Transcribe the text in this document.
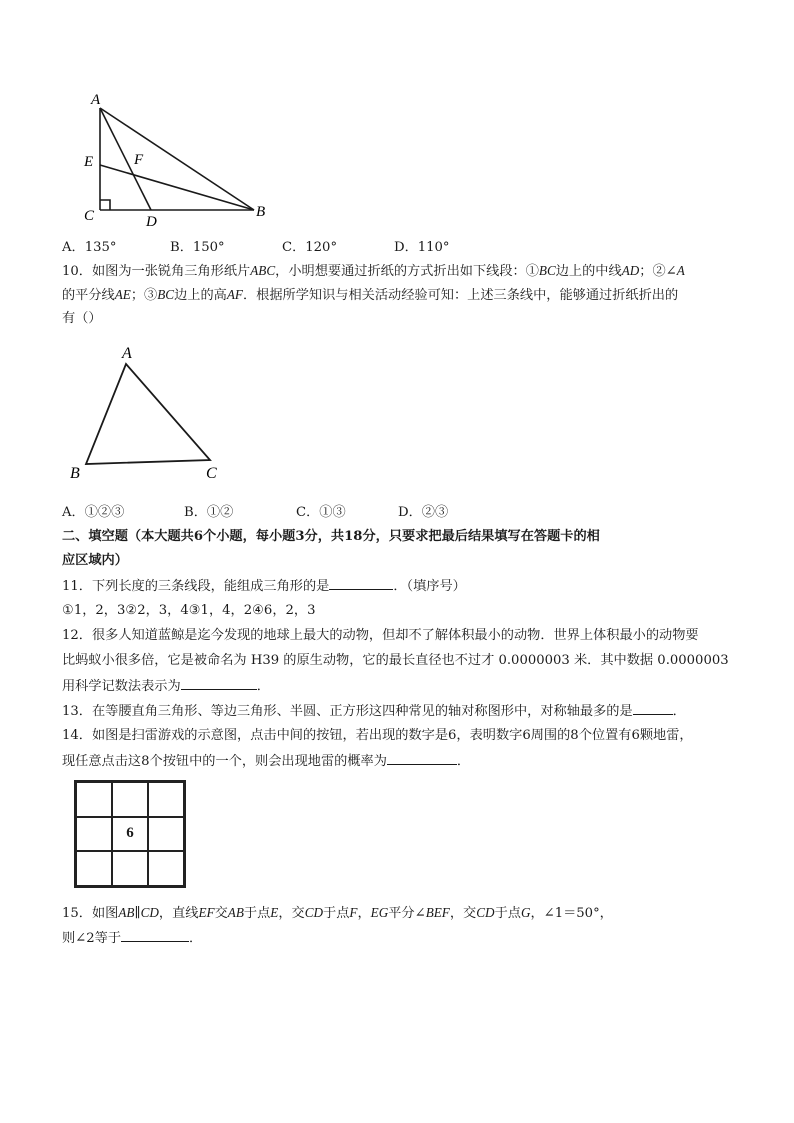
A
E	F
C	D
B
A．135°	B．150°	C．120°	D．110°
10．如图为一张锐角三角形纸片ABC，小明想要通过折纸的方式折出如下线段：①BC边上的中线AD；②∠A
的平分线AE；③BC边上的高AF．根据所学知识与相关活动经验可知：上述三条线中，能够通过折纸折出的
有（）
A
B	C
A．①②③	B．①②	C．①③	D．②③
二、填空题（本大题共6个小题，每小题3分，共18分，只要求把最后结果填写在答题卡的相
应区域内）
11．下列长度的三条线段，能组成三角形的是	．（填序号）
①1，2，3②2，3，4③1，4，2④6，2，3
12．很多人知道蓝鲸是迄今发现的地球上最大的动物，但却不了解体积最小的动物．世界上体积最小的动物要
比蚂蚁小很多倍，它是被命名为 H39 的原生动物，它的最长直径也不过才 0.0000003 米．其中数据 0.0000003
用科学记数法表示为	．
13．在等腰直角三角形、等边三角形、半圆、正方形这四种常见的轴对称图形中，对称轴最多的是	．
14．如图是扫雷游戏的示意图，点击中间的按钮，若出现的数字是6，表明数字6周围的8个位置有6颗地雷，
现任意点击这8个按钮中的一个，则会出现地雷的概率为	．
6
15．如图AB∥CD，直线EF交AB于点E，交CD于点F，EG平分∠BEF，交CD于点G，∠1＝50°，
则∠2等于	．
